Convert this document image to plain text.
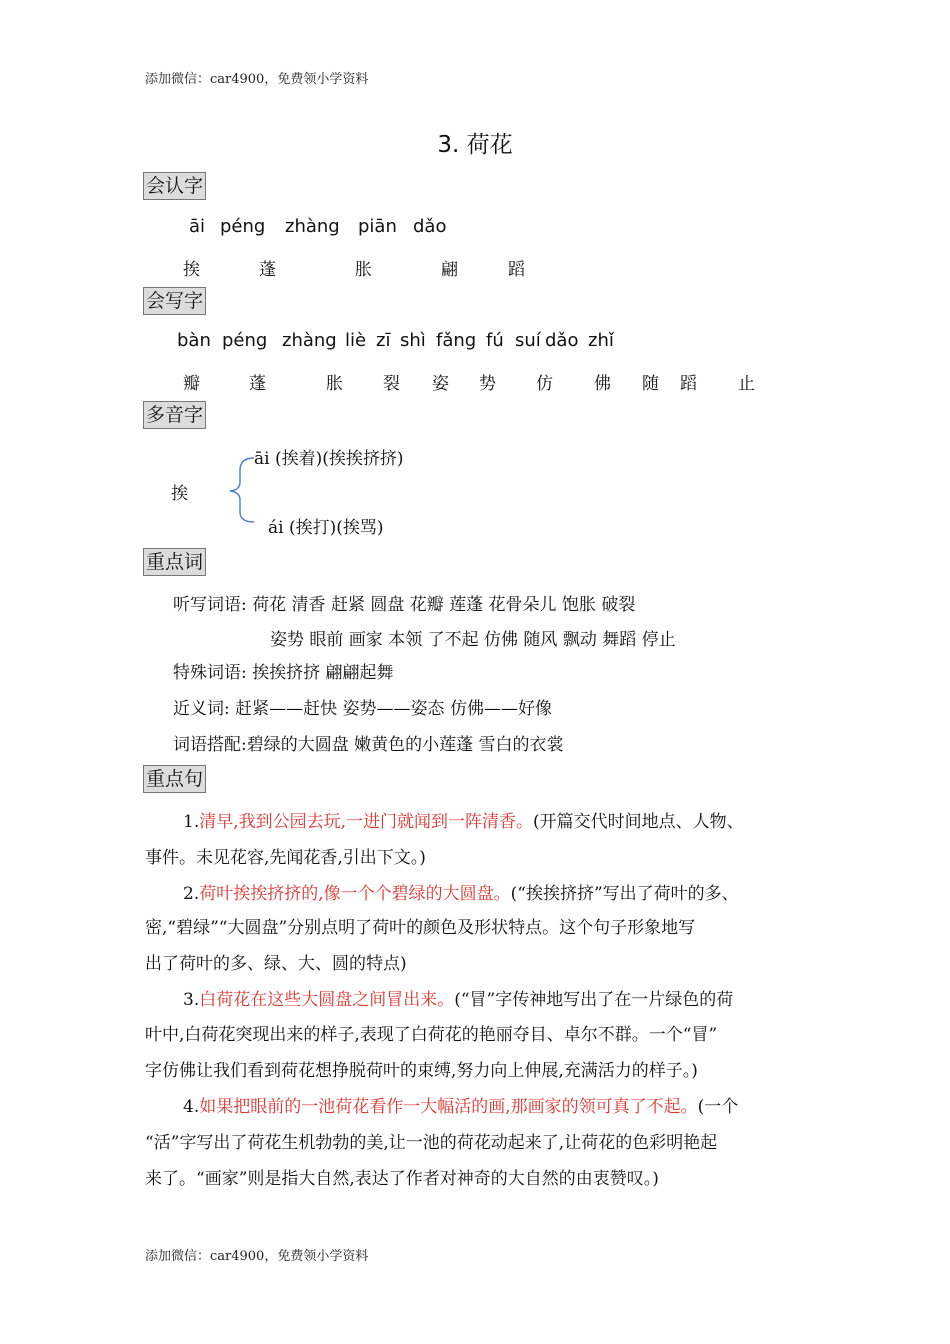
添加微信：car4900，免费领小学资料
3. 荷花
会认字
āi péng zhàng piān dǎo
挨	蓬	胀	翩	蹈
会写字
bàn péng zhàng liè zī shì fǎng fú suí dǎo zhǐ
瓣	蓬	胀 裂 姿 势 仿 佛 随 蹈 止
多音字
挨
āi (挨着)(挨挨挤挤)
ái (挨打)(挨骂)
重点词
听写词语: 荷花 清香 赶紧 圆盘 花瓣 莲蓬 花骨朵儿 饱胀 破裂
姿势 眼前 画家 本领 了不起 仿佛 随风 飘动 舞蹈 停止
特殊词语: 挨挨挤挤 翩翩起舞
近义词: 赶紧——赶快 姿势——姿态 仿佛——好像
词语搭配:碧绿的大圆盘 嫩黄色的小莲蓬 雪白的衣裳
重点句
1.清早,我到公园去玩,一进门就闻到一阵清香。(开篇交代时间地点、人物、
事件。未见花容,先闻花香,引出下文。)
2.荷叶挨挨挤挤的,像一个个碧绿的大圆盘。(“挨挨挤挤”写出了荷叶的多、
密,“碧绿”“大圆盘”分别点明了荷叶的颜色及形状特点。这个句子形象地写
出了荷叶的多、绿、大、圆的特点)
3.白荷花在这些大圆盘之间冒出来。(“冒”字传神地写出了在一片绿色的荷
叶中,白荷花突现出来的样子,表现了白荷花的艳丽夺目、卓尔不群。一个“冒”
字仿佛让我们看到荷花想挣脱荷叶的束缚,努力向上伸展,充满活力的样子。)
4.如果把眼前的一池荷花看作一大幅活的画,那画家的领可真了不起。(一个
“活”字写出了荷花生机勃勃的美,让一池的荷花动起来了,让荷花的色彩明艳起
来了。“画家”则是指大自然,表达了作者对神奇的大自然的由衷赞叹。)
添加微信：car4900，免费领小学资料
